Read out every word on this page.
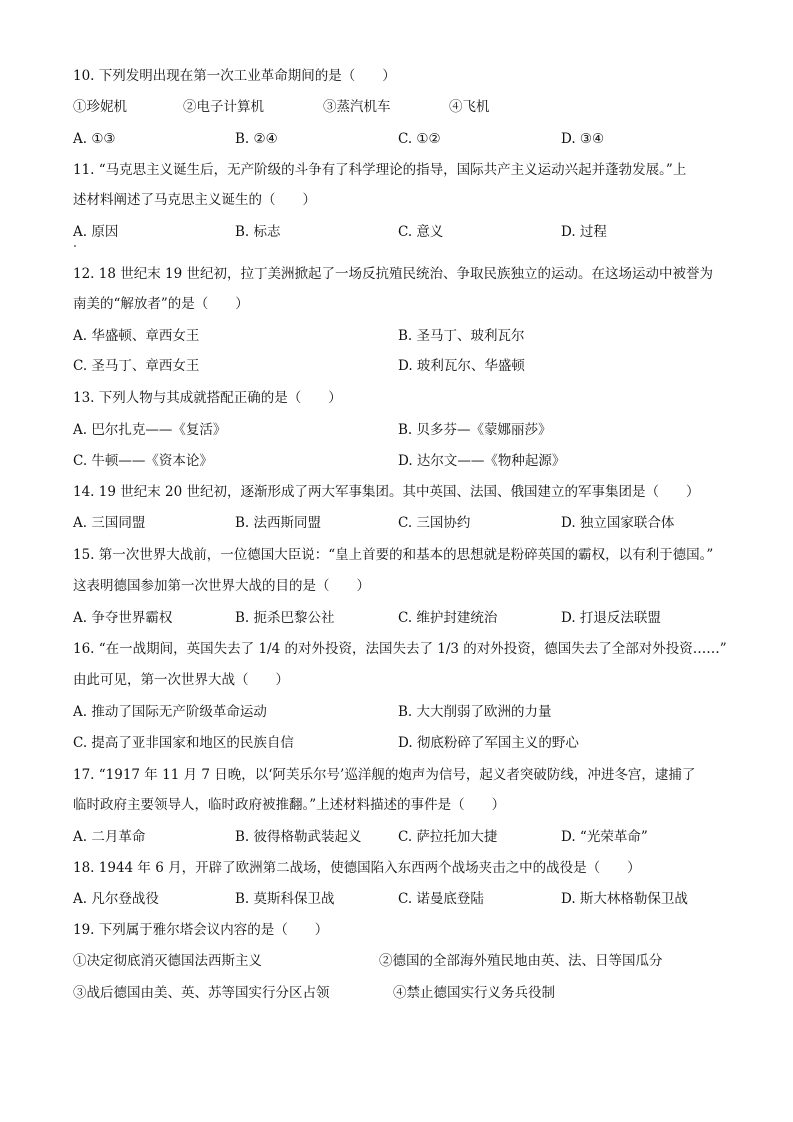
10. 下列发明出现在第一次工业革命期间的是（　　）
①珍妮机	②电子计算机	③蒸汽机车	④飞机
A. ①③	B. ②④	C. ①②	D. ③④
11. “马克思主义诞生后，无产阶级的斗争有了科学理论的指导，国际共产主义运动兴起并蓬勃发展。”上
述材料阐述了马克思主义诞生的（　　）
A. 原因	B. 标志	C. 意义	D. 过程
12. 18 世纪末 19 世纪初，拉丁美洲掀起了一场反抗殖民统治、争取民族独立的运动。在这场运动中被誉为
南美的“解放者”的是（　　）
A. 华盛顿、章西女王	B. 圣马丁、玻利瓦尔
C. 圣马丁、章西女王	D. 玻利瓦尔、华盛顿
13. 下列人物与其成就搭配正确的是（　　）
A. 巴尔扎克——《复活》	B. 贝多芬—《蒙娜丽莎》
C. 牛顿——《资本论》	D. 达尔文——《物种起源》
14. 19 世纪末 20 世纪初，逐渐形成了两大军事集团。其中英国、法国、俄国建立的军事集团是（　　）
A. 三国同盟	B. 法西斯同盟	C. 三国协约	D. 独立国家联合体
15. 第一次世界大战前，一位德国大臣说：“皇上首要的和基本的思想就是粉碎英国的霸权，以有利于德国。”
这表明德国参加第一次世界大战的目的是（　　）
A. 争夺世界霸权	B. 扼杀巴黎公社	C. 维护封建统治	D. 打退反法联盟
16. “在一战期间，英国失去了 1/4 的对外投资，法国失去了 1/3 的对外投资，德国失去了全部对外投资……”
由此可见，第一次世界大战（　　）
A. 推动了国际无产阶级革命运动	B. 大大削弱了欧洲的力量
C. 提高了亚非国家和地区的民族自信	D. 彻底粉碎了军国主义的野心
17. “1917 年 11 月 7 日晚，以‘阿芙乐尔号’巡洋舰的炮声为信号，起义者突破防线，冲进冬宫，逮捕了
临时政府主要领导人，临时政府被推翻。”上述材料描述的事件是（　　）
A. 二月革命	B. 彼得格勒武装起义	C. 萨拉托加大捷	D. “光荣革命”
18. 1944 年 6 月，开辟了欧洲第二战场，使德国陷入东西两个战场夹击之中的战役是（　　）
A. 凡尔登战役	B. 莫斯科保卫战	C. 诺曼底登陆	D. 斯大林格勒保卫战
19. 下列属于雅尔塔会议内容的是（　　）
①决定彻底消灭德国法西斯主义	②德国的全部海外殖民地由英、法、日等国瓜分
③战后德国由美、英、苏等国实行分区占领	④禁止德国实行义务兵役制
